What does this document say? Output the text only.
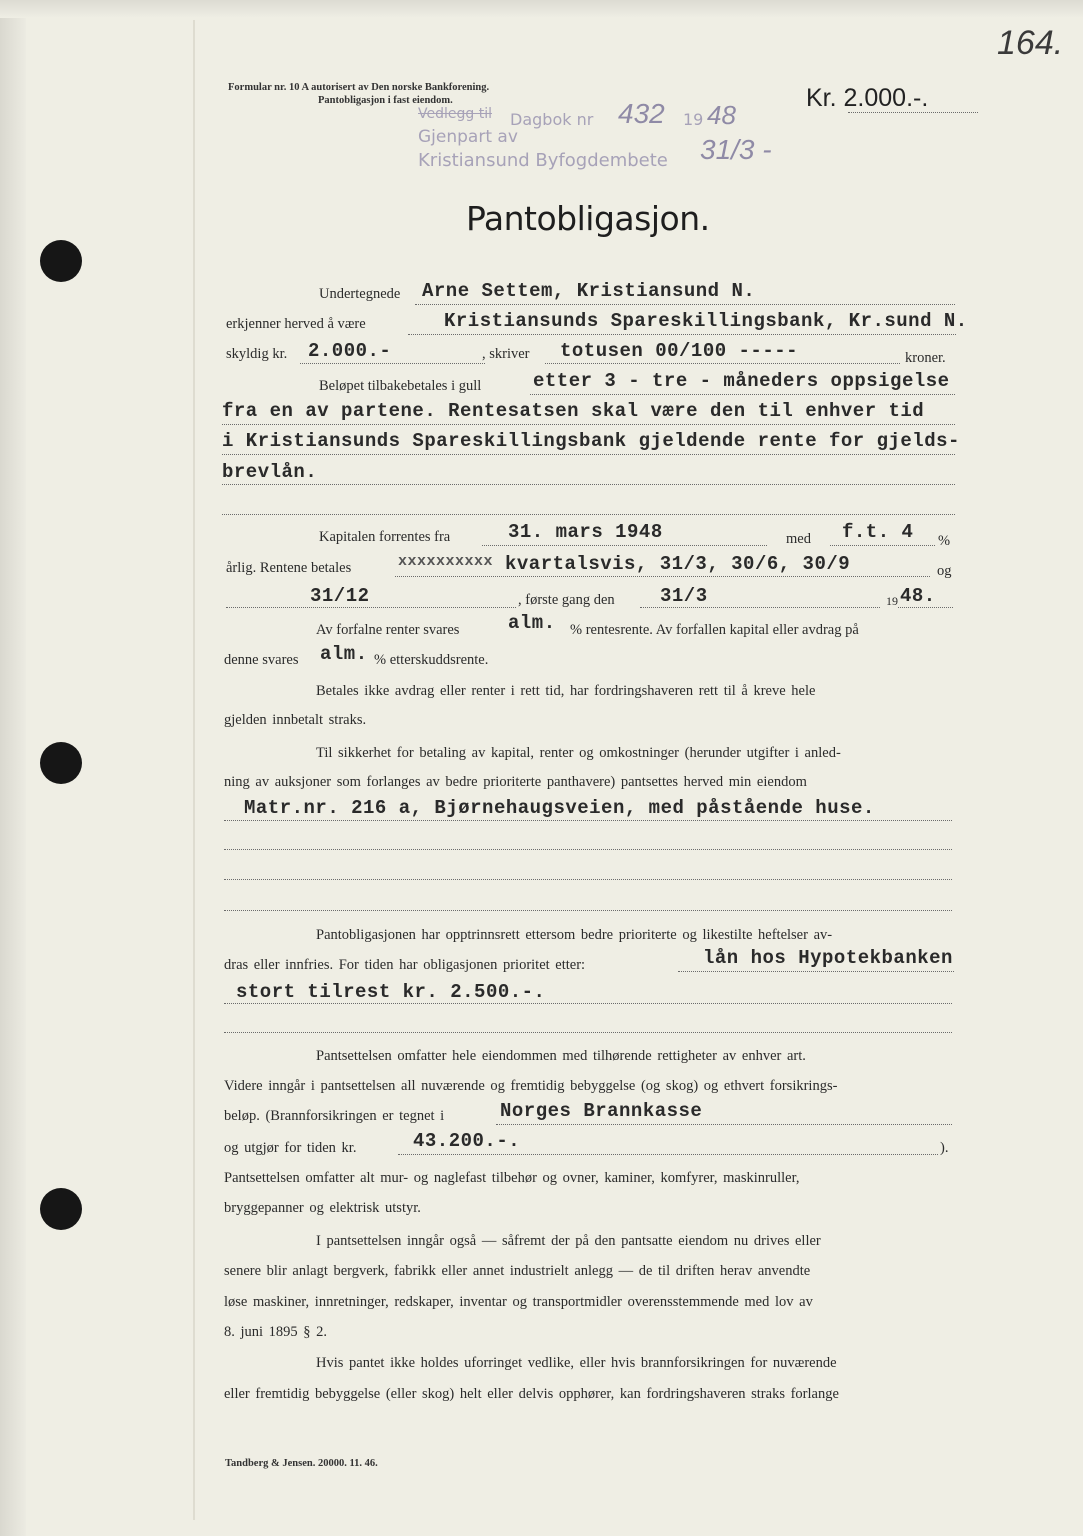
Formular nr. 10 A autorisert av Den norske Bankforening.
Pantobligasjon i fast eiendom.
164.
Kr. 2.000.-.
Vedlegg til Dagbok nr 432 19 48
Gjenpart av
Kristiansund Byfogdembete 31/3 -
Pantobligasjon.
Undertegnede Arne Settem, Kristiansund N.
erkjenner herved å være	Kristiansunds Spareskillingsbank, Kr.sund N.
skyldig kr. 2.000.-	, skriver totusen 00/100 -----	kroner.
Beløpet tilbakebetales i gull	etter 3 - tre - måneders oppsigelse
fra en av partene. Rentesatsen skal være den til enhver tid
i Kristiansunds Spareskillingsbank gjeldende rente for gjelds-
brevlån.
Kapitalen forrentes fra	31. mars 1948	med f.t. 4 %
årlig. Rentene betales	xxxxxxxxxx kvartalsvis, 31/3, 30/6, 30/9	og
31/12	, første gang den 31/3	19 48.
Av forfalne renter svares	alm. % rentesrente. Av forfallen kapital eller avdrag på
denne svares alm. % etterskuddsrente.
Betales ikke avdrag eller renter i rett tid, har fordringshaveren rett til å kreve hele
gjelden innbetalt straks.
Til sikkerhet for betaling av kapital, renter og omkostninger (herunder utgifter i anled-
ning av auksjoner som forlanges av bedre prioriterte panthavere) pantsettes herved min eiendom
Matr.nr. 216 a, Bjørnehaugsveien, med påstående huse.
Pantobligasjonen har opptrinnsrett ettersom bedre prioriterte og likestilte heftelser av-
dras eller innfries. For tiden har obligasjonen prioritet etter:	lån hos Hypotekbanken
stort tilrest kr. 2.500.-.
Pantsettelsen omfatter hele eiendommen med tilhørende rettigheter av enhver art.
Videre inngår i pantsettelsen all nuværende og fremtidig bebyggelse (og skog) og ethvert forsikrings-
beløp. (Brannforsikringen er tegnet i	Norges Brannkasse
og utgjør for tiden kr.	43.200.-.	).
Pantsettelsen omfatter alt mur- og naglefast tilbehør og ovner, kaminer, komfyrer, maskinruller,
bryggepanner og elektrisk utstyr.
I pantsettelsen inngår også — såfremt der på den pantsatte eiendom nu drives eller
senere blir anlagt bergverk, fabrikk eller annet industrielt anlegg — de til driften herav anvendte
løse maskiner, innretninger, redskaper, inventar og transportmidler overensstemmende med lov av
8. juni 1895 § 2.
Hvis pantet ikke holdes uforringet vedlike, eller hvis brannforsikringen for nuværende
eller fremtidig bebyggelse (eller skog) helt eller delvis opphører, kan fordringshaveren straks forlange
Tandberg & Jensen. 20000. 11. 46.
